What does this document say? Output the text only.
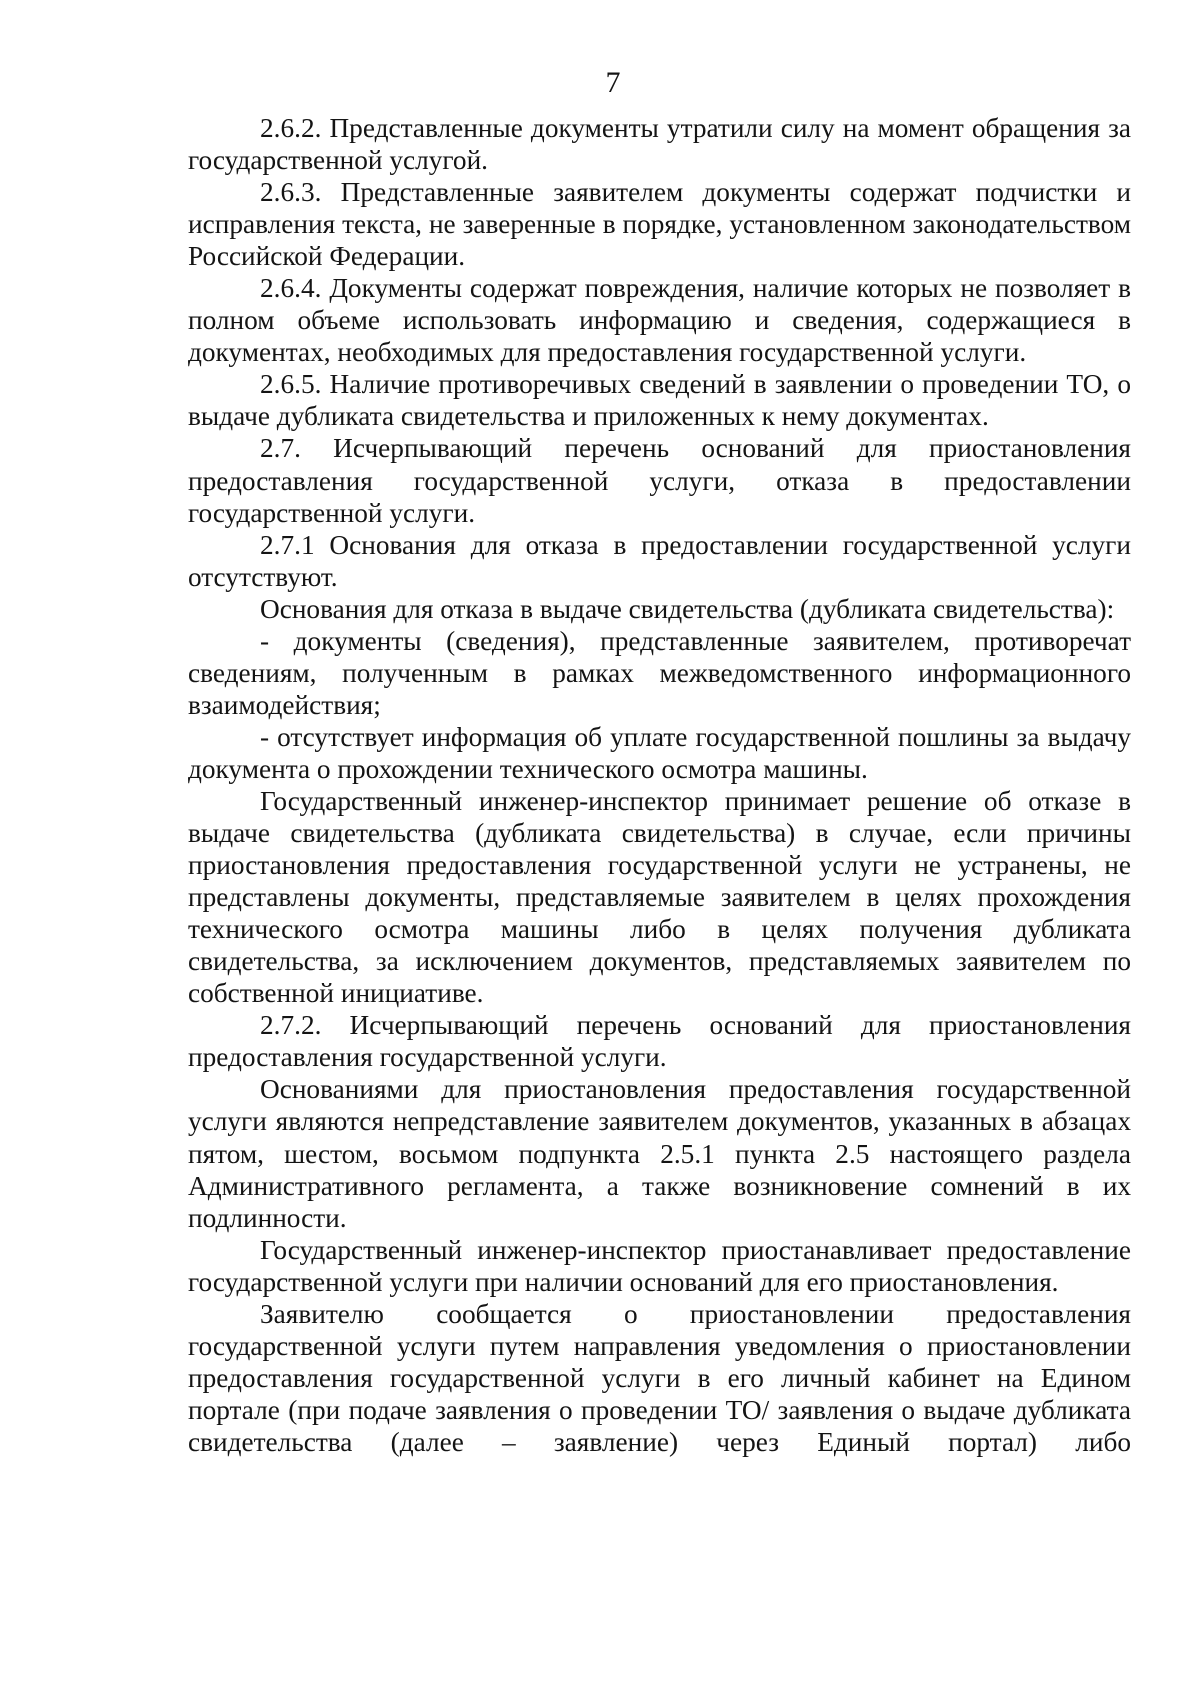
7

2.6.2. Представленные документы утратили силу на момент обращения за государственной услугой.

2.6.3. Представленные заявителем документы содержат подчистки и исправления текста, не заверенные в порядке, установленном законодательством Российской Федерации.

2.6.4. Документы содержат повреждения, наличие которых не позволяет в полном объеме использовать информацию и сведения, содержащиеся в документах, необходимых для предоставления государственной услуги.

2.6.5. Наличие противоречивых сведений в заявлении о проведении ТО, о выдаче дубликата свидетельства и приложенных к нему документах.

2.7. Исчерпывающий перечень оснований для приостановления предоставления государственной услуги, отказа в предоставлении государственной услуги.

2.7.1 Основания для отказа в предоставлении государственной услуги отсутствуют.

Основания для отказа в выдаче свидетельства (дубликата свидетельства):

- документы (сведения), представленные заявителем, противоречат сведениям, полученным в рамках межведомственного информационного взаимодействия;

- отсутствует информация об уплате государственной пошлины за выдачу документа о прохождении технического осмотра машины.

Государственный инженер-инспектор принимает решение об отказе в выдаче свидетельства (дубликата свидетельства) в случае, если причины приостановления предоставления государственной услуги не устранены, не представлены документы, представляемые заявителем в целях прохождения технического осмотра машины либо в целях получения дубликата свидетельства, за исключением документов, представляемых заявителем по собственной инициативе.

2.7.2. Исчерпывающий перечень оснований для приостановления предоставления государственной услуги.

Основаниями для приостановления предоставления государственной услуги являются непредставление заявителем документов, указанных в абзацах пятом, шестом, восьмом подпункта 2.5.1 пункта 2.5 настоящего раздела Административного регламента, а также возникновение сомнений в их подлинности.

Государственный инженер-инспектор приостанавливает предоставление государственной услуги при наличии оснований для его приостановления.

Заявителю сообщается о приостановлении предоставления государственной услуги путем направления уведомления о приостановлении предоставления государственной услуги в его личный кабинет на Едином портале (при подаче заявления о проведении ТО/ заявления о выдаче дубликата свидетельства (далее – заявление) через Единый портал) либо
